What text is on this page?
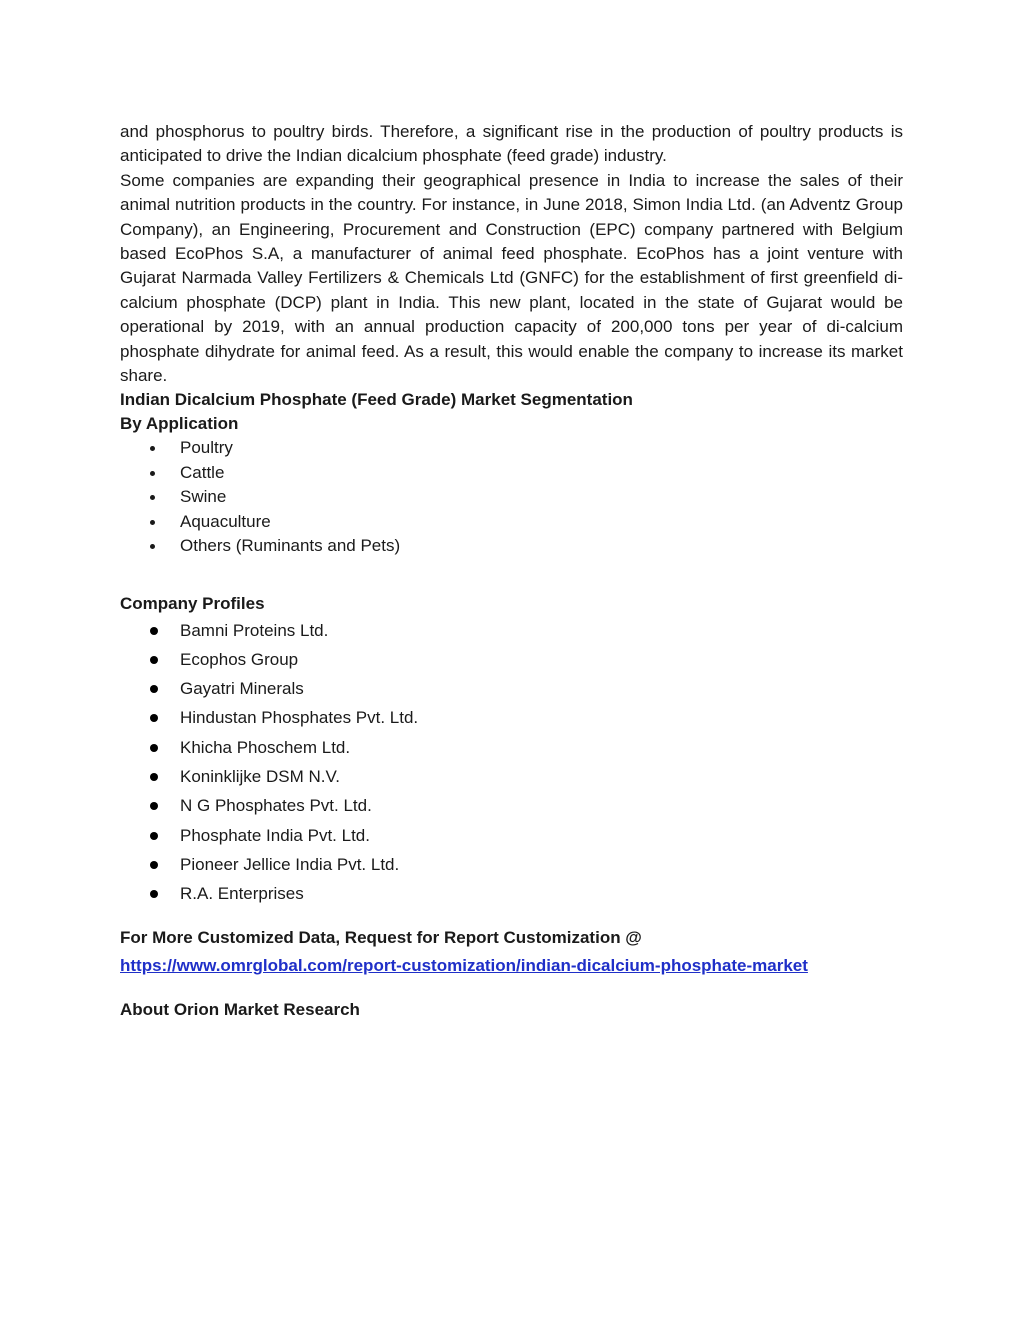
and phosphorus to poultry birds. Therefore, a significant rise in the production of poultry products is anticipated to drive the Indian dicalcium phosphate (feed grade) industry.

Some companies are expanding their geographical presence in India to increase the sales of their animal nutrition products in the country. For instance, in June 2018, Simon India Ltd. (an Adventz Group Company), an Engineering, Procurement and Construction (EPC) company partnered with Belgium based EcoPhos S.A, a manufacturer of animal feed phosphate. EcoPhos has a joint venture with Gujarat Narmada Valley Fertilizers & Chemicals Ltd (GNFC) for the establishment of first greenfield di-calcium phosphate (DCP) plant in India. This new plant, located in the state of Gujarat would be operational by 2019, with an annual production capacity of 200,000 tons per year of di-calcium phosphate dihydrate for animal feed. As a result, this would enable the company to increase its market share.

Indian Dicalcium Phosphate (Feed Grade) Market Segmentation
By Application
Poultry
Cattle
Swine
Aquaculture
Others (Ruminants and Pets)
Company Profiles
Bamni Proteins Ltd.
Ecophos Group
Gayatri Minerals
Hindustan Phosphates Pvt. Ltd.
Khicha Phoschem Ltd.
Koninklijke DSM N.V.
N G Phosphates Pvt. Ltd.
Phosphate India Pvt. Ltd.
Pioneer Jellice India Pvt. Ltd.
R.A. Enterprises

For More Customized Data, Request for Report Customization @

https://www.omrglobal.com/report-customization/indian-dicalcium-phosphate-market
About Orion Market Research
